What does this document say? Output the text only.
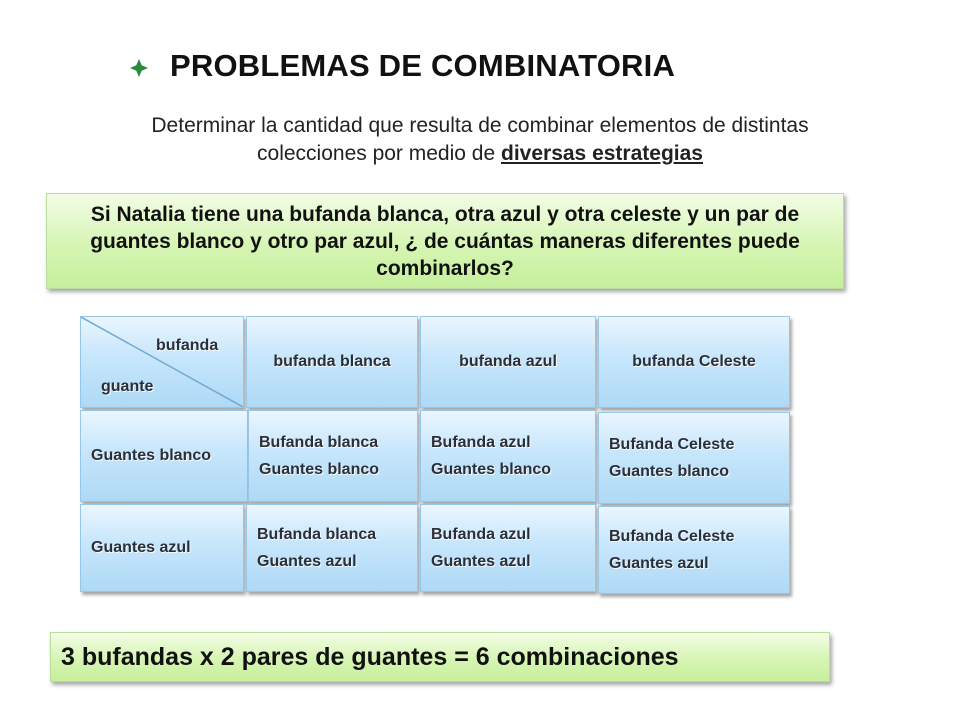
PROBLEMAS DE COMBINATORIA
Determinar la cantidad que resulta de combinar elementos de distintas
colecciones por medio de diversas estrategias
Si Natalia tiene una bufanda blanca, otra azul y otra celeste y un par de guantes blanco y otro par azul, ¿ de cuántas maneras diferentes puede combinarlos?
bufanda
guante
bufanda blanca	bufanda azul	bufanda Celeste
Guantes blanco
Bufanda blanca
Guantes blanco
Bufanda azul
Guantes blanco
Bufanda Celeste
Guantes blanco
Guantes azul
Bufanda blanca
Guantes azul
Bufanda azul
Guantes azul
Bufanda Celeste
Guantes azul
3 bufandas x 2 pares de guantes = 6 combinaciones
